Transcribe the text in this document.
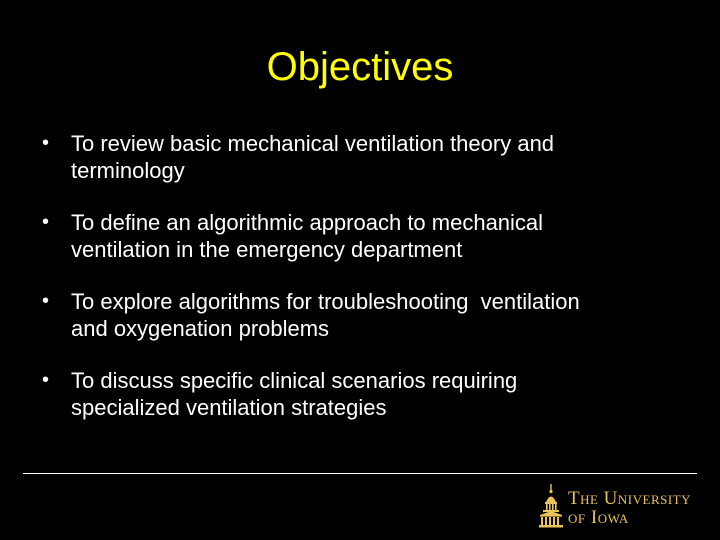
Objectives
• To review basic mechanical ventilation theory and
terminology
• To define an algorithmic approach to mechanical
ventilation in the emergency department
• To explore algorithms for troubleshooting  ventilation
and oxygenation problems
• To discuss specific clinical scenarios requiring
specialized ventilation strategies
The University
of Iowa
